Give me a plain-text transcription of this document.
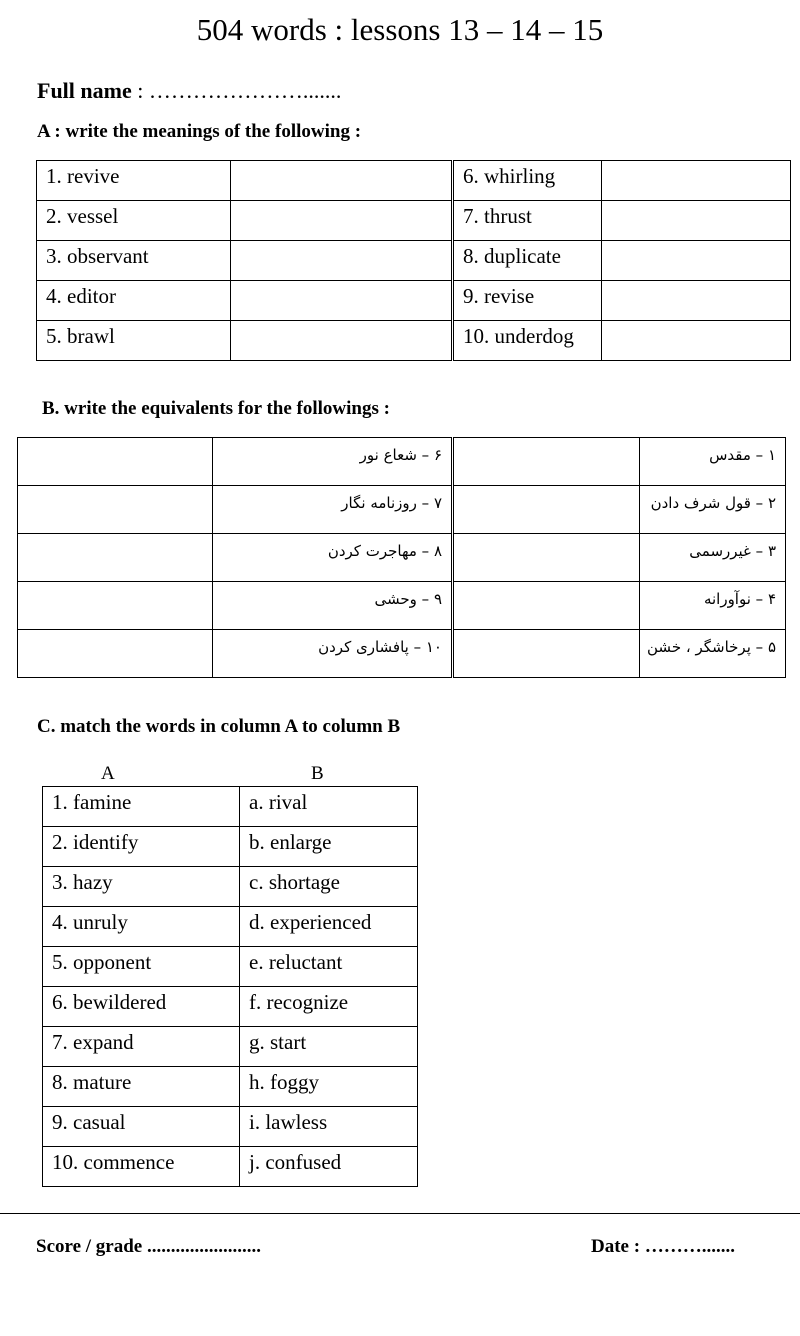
504 words : lessons 13 – 14 – 15
Full name : ………………….......
A : write the meanings of the following :
1. revive		6. whirling	
2. vessel		7. thrust	
3. observant		8. duplicate	
4. editor		9. revise	
5. brawl		10. underdog	
B. write the equivalents for the followings :
	۶ – شعاع نور		۱ – مقدس
	۷ – روزنامه نگار		۲ – قول شرف دادن
	۸ – مهاجرت کردن		۳ – غیررسمی
	۹ – وحشی		۴ – نوآورانه
	۱۰ – پافشاری کردن		۵ – پرخاشگر ، خشن
C. match the words in column A to column B
A	B
1. famine	a. rival
2. identify	b. enlarge
3. hazy	c. shortage
4. unruly	d. experienced
5. opponent	e. reluctant
6. bewildered	f. recognize
7. expand	g. start
8. mature	h. foggy
9. casual	i. lawless
10. commence	j. confused
Score / grade ........................	Date : ……….......
